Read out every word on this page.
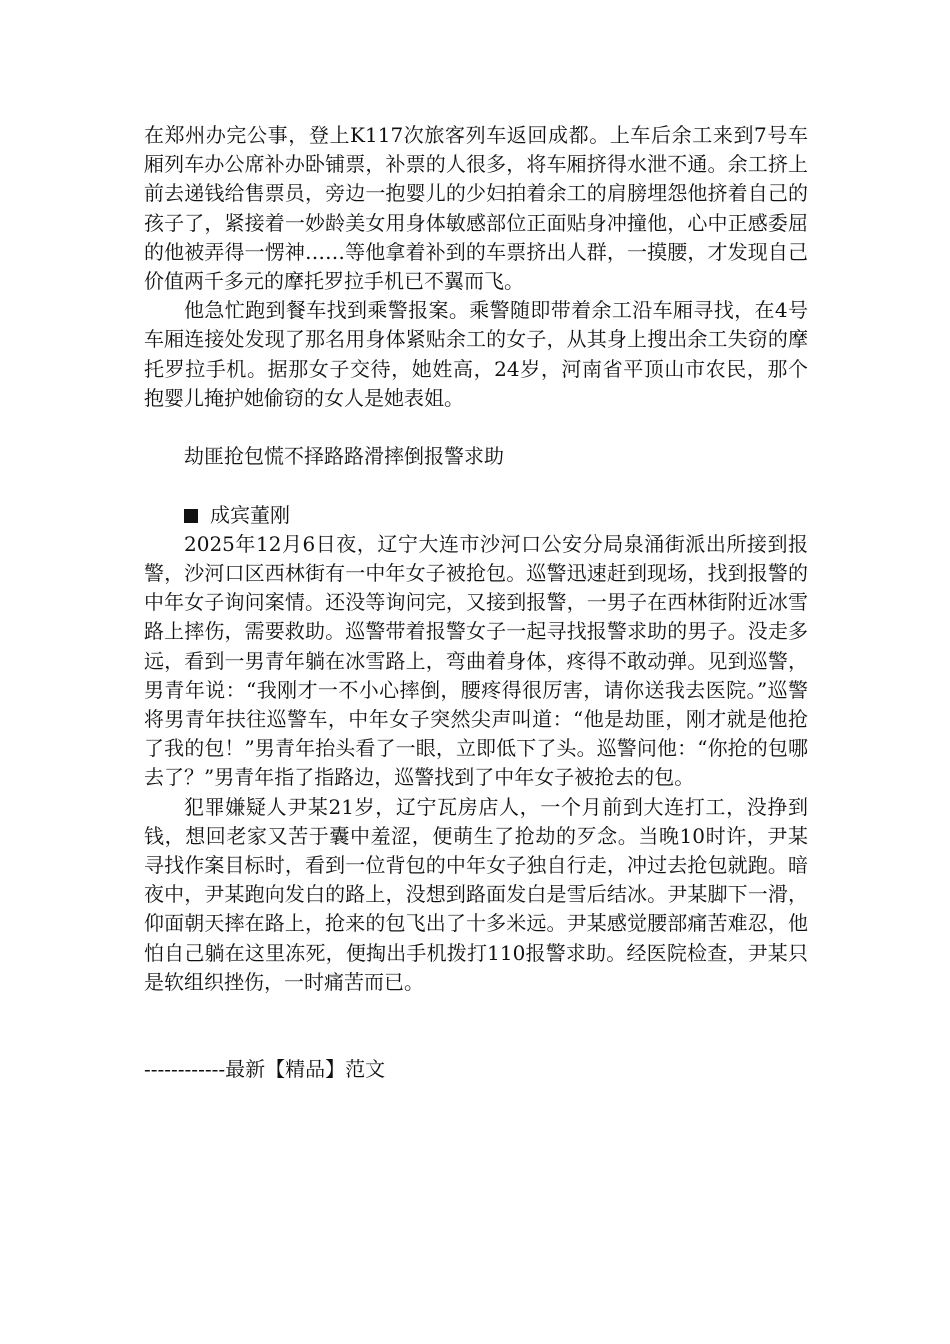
在郑州办完公事，登上K117次旅客列车返回成都。上车后余工来到7号车厢列车办公席补办卧铺票，补票的人很多，将车厢挤得水泄不通。余工挤上前去递钱给售票员，旁边一抱婴儿的少妇拍着余工的肩膀埋怨他挤着自己的孩子了，紧接着一妙龄美女用身体敏感部位正面贴身冲撞他，心中正感委屈的他被弄得一愣神……等他拿着补到的车票挤出人群，一摸腰，才发现自己价值两千多元的摩托罗拉手机已不翼而飞。

他急忙跑到餐车找到乘警报案。乘警随即带着余工沿车厢寻找，在4号车厢连接处发现了那名用身体紧贴余工的女子，从其身上搜出余工失窃的摩托罗拉手机。据那女子交待，她姓高，24岁，河南省平顶山市农民，那个抱婴儿掩护她偷窃的女人是她表姐。

劫匪抢包慌不择路路滑摔倒报警求助

成宾董刚

2025年12月6日夜，辽宁大连市沙河口公安分局泉涌街派出所接到报警，沙河口区西林街有一中年女子被抢包。巡警迅速赶到现场，找到报警的中年女子询问案情。还没等询问完，又接到报警，一男子在西林街附近冰雪路上摔伤，需要救助。巡警带着报警女子一起寻找报警求助的男子。没走多远，看到一男青年躺在冰雪路上，弯曲着身体，疼得不敢动弹。见到巡警，男青年说：“我刚才一不小心摔倒，腰疼得很厉害，请你送我去医院。”巡警将男青年扶往巡警车，中年女子突然尖声叫道：“他是劫匪，刚才就是他抢了我的包！”男青年抬头看了一眼，立即低下了头。巡警问他：“你抢的包哪去了？”男青年指了指路边，巡警找到了中年女子被抢去的包。

犯罪嫌疑人尹某21岁，辽宁瓦房店人，一个月前到大连打工，没挣到钱，想回老家又苦于囊中羞涩，便萌生了抢劫的歹念。当晚10时许，尹某寻找作案目标时，看到一位背包的中年女子独自行走，冲过去抢包就跑。暗夜中，尹某跑向发白的路上，没想到路面发白是雪后结冰。尹某脚下一滑，仰面朝天摔在路上，抢来的包飞出了十多米远。尹某感觉腰部痛苦难忍，他怕自己躺在这里冻死，便掏出手机拨打110报警求助。经医院检查，尹某只是软组织挫伤，一时痛苦而已。

------------最新【精品】范文
